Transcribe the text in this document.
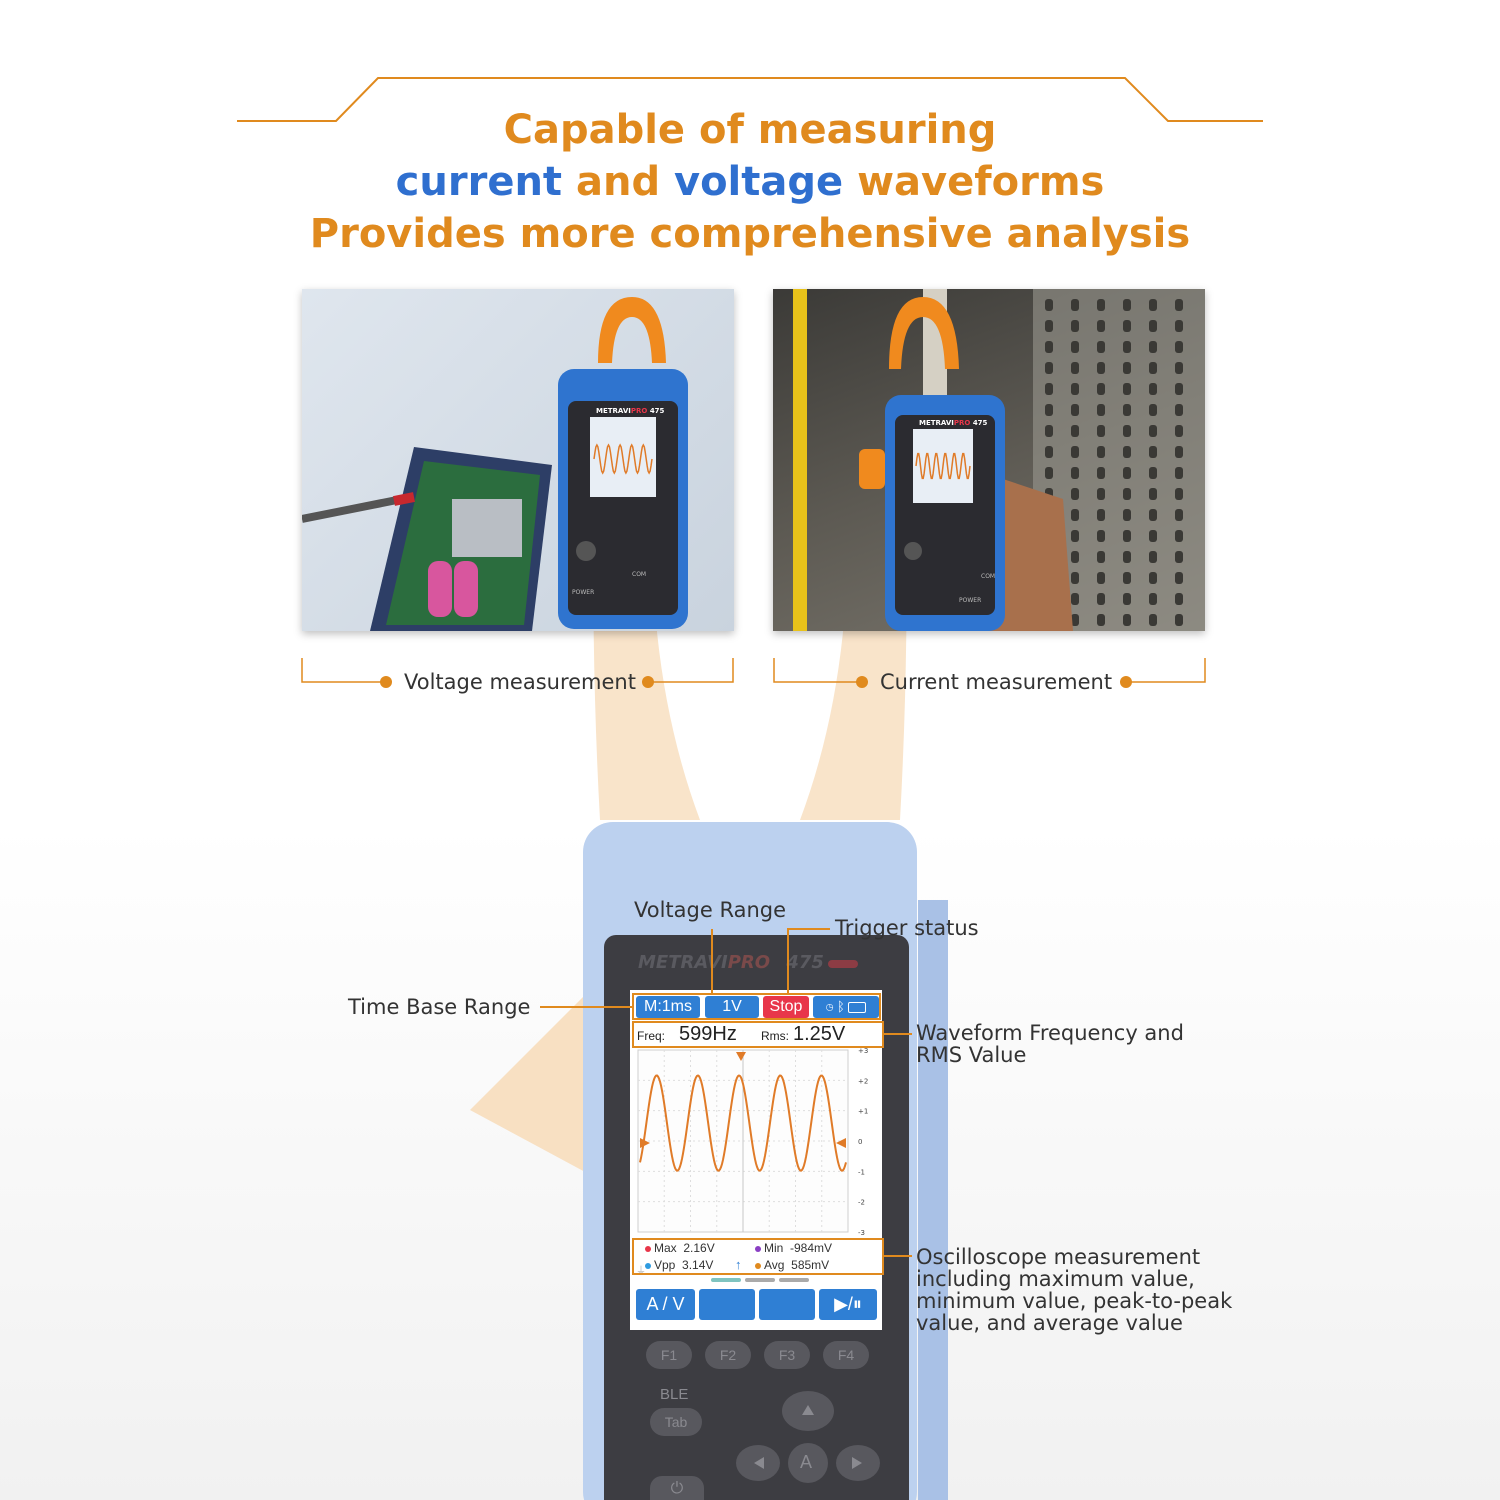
Capable of measuring
current and voltage waveforms
Provides more comprehensive analysis
METRAVIPRO 475
M:1ms	1V	Stop	◷ ᛒ
Freq: 599Hz Rms: 1.25V
+3
+2
+1
0
-1
-2
-3
Max 2.16V	Min -984mV
Vpp 3.14V ↑	Avg 585mV
⏚
A / V	▶/⏸
F1	F2	F3	F4
BLE
Tab
A
⏻
Voltage Range
Trigger status
Time Base Range
Waveform Frequency and
RMS Value
Oscilloscope measurement
including maximum value,
minimum value, peak-to-peak
value, and average value
METRAVIPRO 475
POWER
COM
METRAVIPRO 475
POWER
COM
Voltage measurement	Current measurement
